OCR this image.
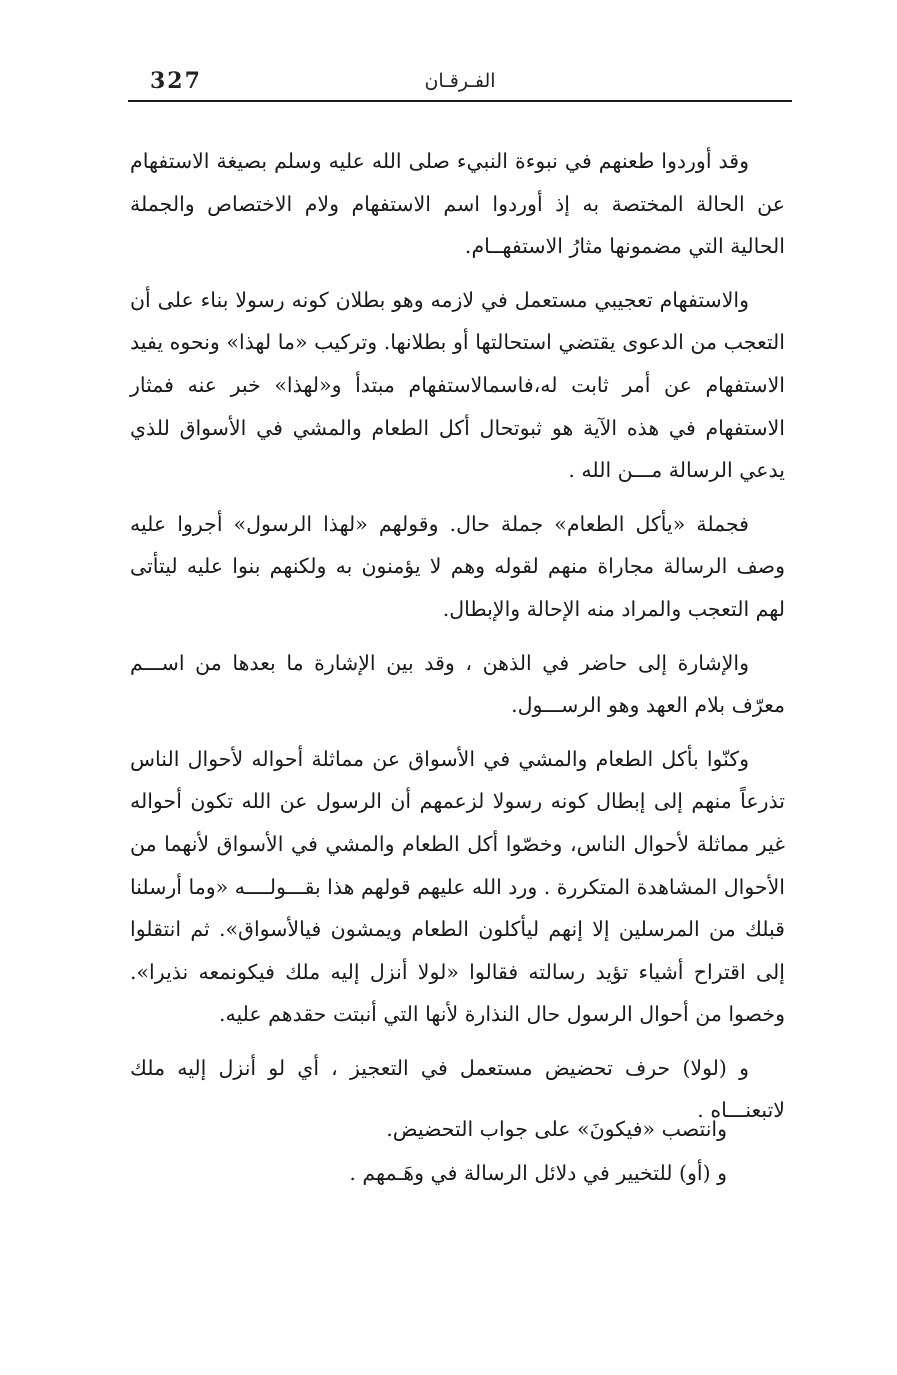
327	الفـرقـان

وقد أوردوا طعنهم في نبوءة النبيء صلى الله عليه وسلم بصيغة الاستفهام عن الحالة المختصة به إذ أوردوا اسم الاستفهام ولام الاختصاص والجملة الحالية التي مضمونها مثارُ الاستفهــام.

والاستفهام تعجيبي مستعمل في لازمه وهو بطلان كونه رسولا بناء على أن التعجب من الدعوى يقتضي استحالتها أو بطلانها. وتركيب «ما لهذا» ونحوه يفيد الاستفهام عن أمر ثابت له،فاسمالاستفهام مبتدأ و«لهذا» خبر عنه فمثار الاستفهام في هذه الآية هو ثبوتحال أكل الطعام والمشي في الأسواق للذي يدعي الرسالة مـــن الله .

فجملة «يأكل الطعام» جملة حال. وقولهم «لهذا الرسول» أجروا عليه وصف الرسالة مجاراة منهم لقوله وهم لا يؤمنون به ولكنهم بنوا عليه ليتأتى لهم التعجب والمراد منه الإحالة والإبطال.

والإشارة إلى حاضر في الذهن ، وقد بين الإشارة ما بعدها من اســـم معرّف بلام العهد وهو الرســـول.

وكنّوا بأكل الطعام والمشي في الأسواق عن مماثلة أحواله لأحوال الناس تذرعاً منهم إلى إبطال كونه رسولا لزعمهم أن الرسول عن الله تكون أحواله غير مماثلة لأحوال الناس، وخصّوا أكل الطعام والمشي في الأسواق لأنهما من الأحوال المشاهدة المتكررة . ورد الله عليهم قولهم هذا بقـــولــــه «وما أرسلنا قبلك من المرسلين إلا إنهم ليأكلون الطعام ويمشون فيالأسواق». ثم انتقلوا إلى اقتراح أشياء تؤيد رسالته فقالوا «لولا أنزل إليه ملك فيكونمعه نذيرا». وخصوا من أحوال الرسول حال النذارة لأنها التي أنبتت حقدهم عليه.

و (لولا) حرف تحضيض مستعمل في التعجيز ، أي لو أنزل إليه ملك لاتبعنـــاه .

وانتصب «فيكونَ» على جواب التحضيض.

و (أو) للتخيير في دلائل الرسالة في وهَـمهم .
